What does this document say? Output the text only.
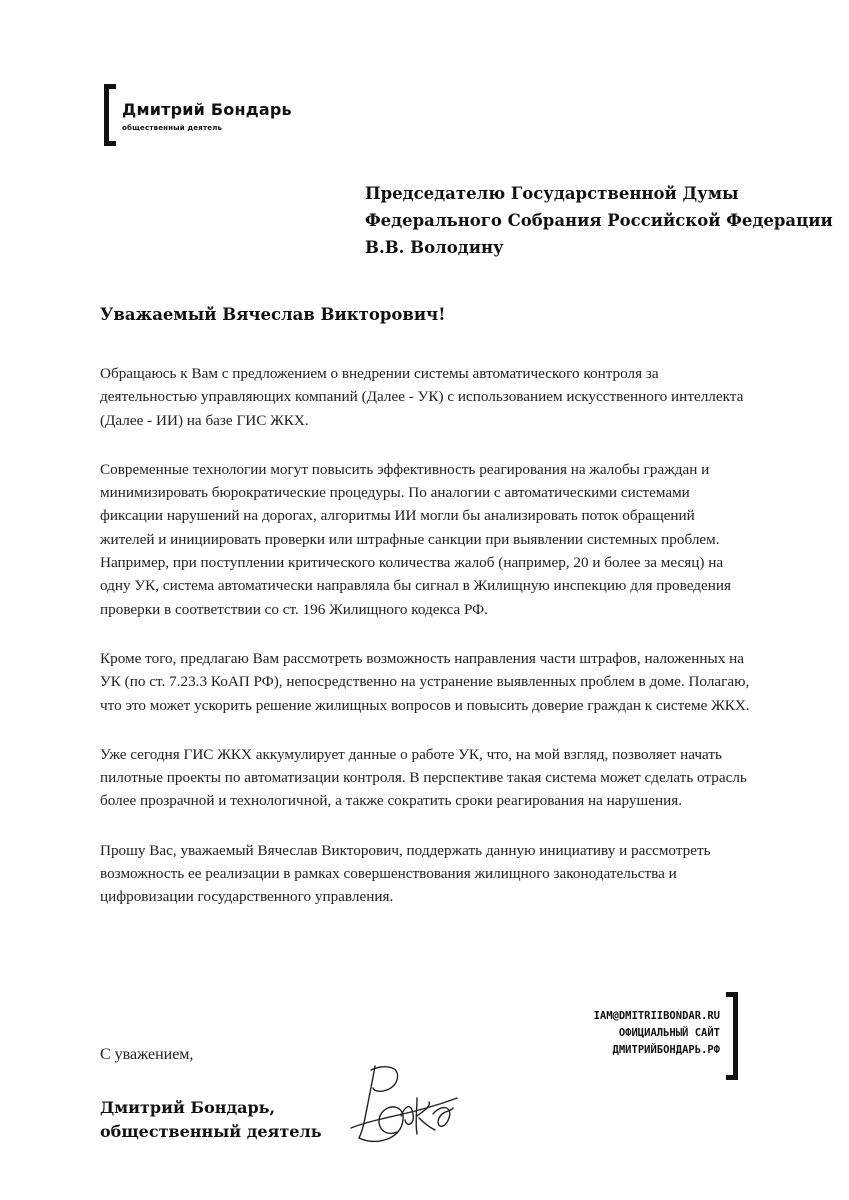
Дмитрий Бондарь
общественный деятель
Председателю Государственной Думы
Федерального Собрания Российской Федерации
В.В. Володину
Уважаемый Вячеслав Викторович!

Обращаюсь к Вам с предложением о внедрении системы автоматического контроля за деятельностью управляющих компаний (Далее - УК) с использованием искусственного интеллекта (Далее - ИИ) на базе ГИС ЖКХ.

Современные технологии могут повысить эффективность реагирования на жалобы граждан и минимизировать бюрократические процедуры. По аналогии с автоматическими системами фиксации нарушений на дорогах, алгоритмы ИИ могли бы анализировать поток обращений жителей и инициировать проверки или штрафные санкции при выявлении системных проблем. Например, при поступлении критического количества жалоб (например, 20 и более за месяц) на одну УК, система автоматически направляла бы сигнал в Жилищную инспекцию для проведения проверки в соответствии со ст. 196 Жилищного кодекса РФ.

Кроме того, предлагаю Вам рассмотреть возможность направления части штрафов, наложенных на УК (по ст. 7.23.3 КоАП РФ), непосредственно на устранение выявленных проблем в доме. Полагаю, что это может ускорить решение жилищных вопросов и повысить доверие граждан к системе ЖКХ.

Уже сегодня ГИС ЖКХ аккумулирует данные о работе УК, что, на мой взгляд, позволяет начать пилотные проекты по автоматизации контроля. В перспективе такая система может сделать отрасль более прозрачной и технологичной, а также сократить сроки реагирования на нарушения.

Прошу Вас, уважаемый Вячеслав Викторович, поддержать данную инициативу и рассмотреть возможность ее реализации в рамках совершенствования жилищного законодательства и цифровизации государственного управления.

IAM@DMITRIIBONDAR.RU
ОФИЦИАЛЬНЫЙ САЙТ
ДМИТРИЙБОНДАРЬ.РФ
С уважением,
Дмитрий Бондарь,
общественный деятель
